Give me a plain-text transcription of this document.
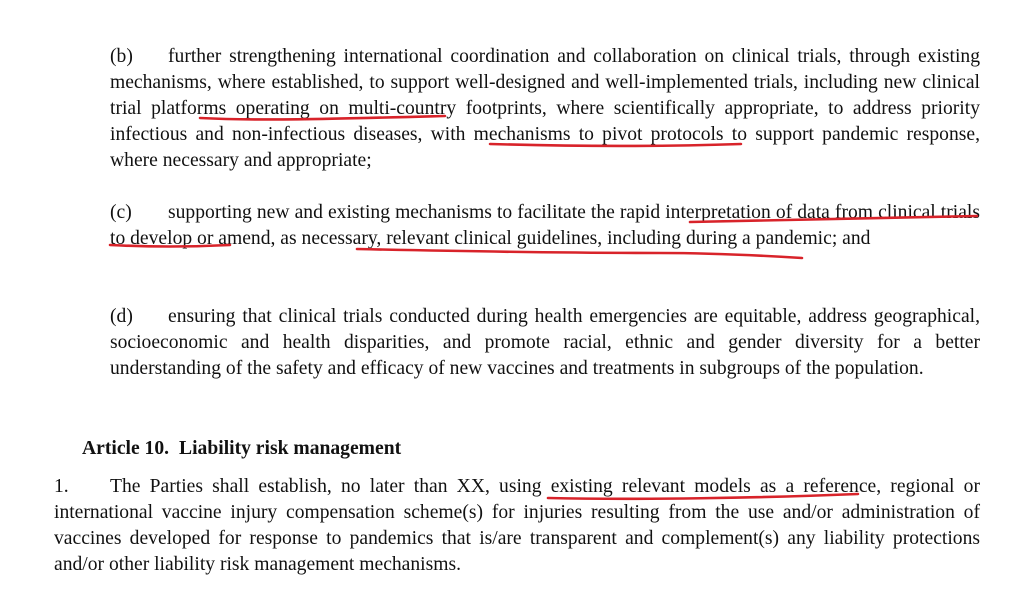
(b) further strengthening international coordination and collaboration on clinical trials, through existing mechanisms, where established, to support well-designed and well-implemented trials, including new clinical trial platforms operating on multi-country footprints, where scientifically appropriate, to address priority infectious and non-infectious diseases, with mechanisms to pivot protocols to support pandemic response, where necessary and appropriate;

(c) supporting new and existing mechanisms to facilitate the rapid interpretation of data from clinical trials to develop or amend, as necessary, relevant clinical guidelines, including during a pandemic; and

(d) ensuring that clinical trials conducted during health emergencies are equitable, address geographical, socioeconomic and health disparities, and promote racial, ethnic and gender diversity for a better understanding of the safety and efficacy of new vaccines and treatments in subgroups of the population.

Article 10. Liability risk management

1. The Parties shall establish, no later than XX, using existing relevant models as a reference, regional or international vaccine injury compensation scheme(s) for injuries resulting from the use and/or administration of vaccines developed for response to pandemics that is/are transparent and complement(s) any liability protections and/or other liability risk management mechanisms.
